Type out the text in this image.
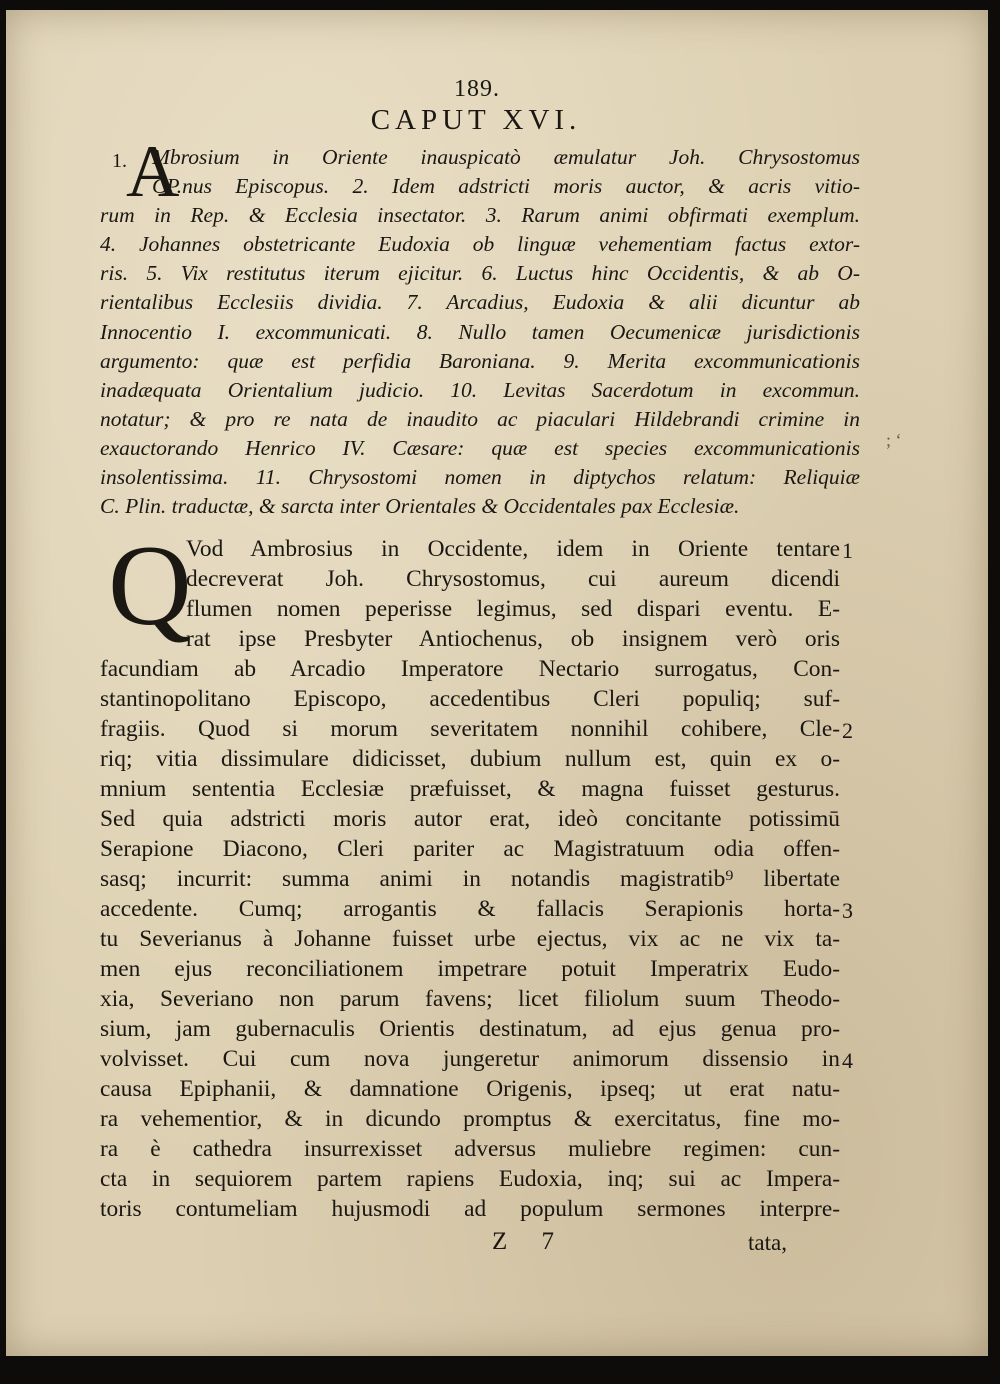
189.
CAPUT XVI.
1. A
Mbrosium in Oriente inauspicatò æmulatur Joh. Chrysostomus
CP.nus Episcopus. 2. Idem adstricti moris auctor, & acris vitio-
rum in Rep. & Ecclesia insectator. 3. Rarum animi obfirmati exemplum.
4. Johannes obstetricante Eudoxia ob linguæ vehementiam factus extor-
ris. 5. Vix restitutus iterum ejicitur. 6. Luctus hinc Occidentis, & ab O-
rientalibus Ecclesiis dividia. 7. Arcadius, Eudoxia & alii dicuntur ab
Innocentio I. excommunicati. 8. Nullo tamen Oecumenicæ jurisdictionis
argumento: quæ est perfidia Baroniana. 9. Merita excommunicationis
inadæquata Orientalium judicio. 10. Levitas Sacerdotum in excommun.
notatur; & pro re nata de inaudito ac piaculari Hildebrandi crimine in
exauctorando Henrico IV. Cæsare: quæ est species excommunicationis
insolentissima. 11. Chrysostomi nomen in diptychos relatum: Reliquiæ
C. Plin. traductæ, & sarcta inter Orientales & Occidentales pax Ecclesiæ.
Q
Vod Ambrosius in Occidente, idem in Oriente tentare
decreverat Joh. Chrysostomus, cui aureum dicendi
flumen nomen peperisse legimus, sed dispari eventu. E-
rat ipse Presbyter Antiochenus, ob insignem verò oris
facundiam ab Arcadio Imperatore Nectario surrogatus, Con-
stantinopolitano Episcopo, accedentibus Cleri populiq; suf-
fragiis. Quod si morum severitatem nonnihil cohibere, Cle-
riq; vitia dissimulare didicisset, dubium nullum est, quin ex o-
mnium sententia Ecclesiæ præfuisset, & magna fuisset gesturus.
Sed quia adstricti moris autor erat, ideò concitante potissimū
Serapione Diacono, Cleri pariter ac Magistratuum odia offen-
sasq; incurrit: summa animi in notandis magistratib⁹ libertate
accedente. Cumq; arrogantis & fallacis Serapionis horta-
tu Severianus à Johanne fuisset urbe ejectus, vix ac ne vix ta-
men ejus reconciliationem impetrare potuit Imperatrix Eudo-
xia, Severiano non parum favens; licet filiolum suum Theodo-
sium, jam gubernaculis Orientis destinatum, ad ejus genua pro-
volvisset. Cui cum nova jungeretur animorum dissensio in
causa Epiphanii, & damnatione Origenis, ipseq; ut erat natu-
ra vehementior, & in dicundo promptus & exercitatus, fine mo-
ra è cathedra insurrexisset adversus muliebre regimen: cun-
cta in sequiorem partem rapiens Eudoxia, inq; sui ac Impera-
toris contumeliam hujusmodi ad populum sermones interpre-
1
2
3
4
; ‘
Z 7	tata,
